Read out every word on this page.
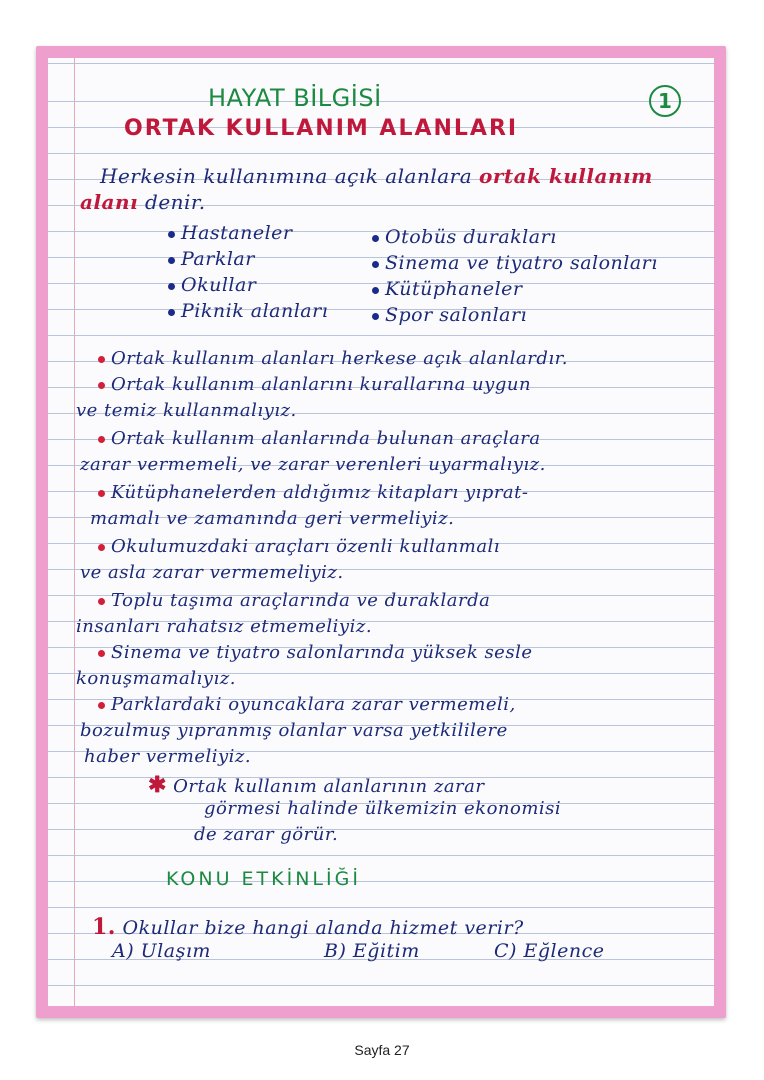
HAYAT BİLGİSİ	1
ORTAK KULLANIM ALANLARI
Herkesin kullanımına açık alanlara ortak kullanım
alanı denir.
Hastaneler
Parklar
Okullar
Piknik alanları
Otobüs durakları
Sinema ve tiyatro salonları
Kütüphaneler
Spor salonları
Ortak kullanım alanları herkese açık alanlardır.
Ortak kullanım alanlarını kurallarına uygun
ve temiz kullanmalıyız.
Ortak kullanım alanlarında bulunan araçlara
zarar vermemeli, ve zarar verenleri uyarmalıyız.
Kütüphanelerden aldığımız kitapları yıprat-
mamalı ve zamanında geri vermeliyiz.
Okulumuzdaki araçları özenli kullanmalı
ve asla zarar vermemeliyiz.
Toplu taşıma araçlarında ve duraklarda
insanları rahatsız etmemeliyiz.
Sinema ve tiyatro salonlarında yüksek sesle
konuşmamalıyız.
Parklardaki oyuncaklara zarar vermemeli,
bozulmuş yıpranmış olanlar varsa yetkililere
haber vermeliyiz.
✱ Ortak kullanım alanlarının zarar
görmesi halinde ülkemizin ekonomisi
de zarar görür.
KONU ETKİNLİĞİ
1. Okullar bize hangi alanda hizmet verir?
A) Ulaşım	B) Eğitim	C) Eğlence
Sayfa 27
